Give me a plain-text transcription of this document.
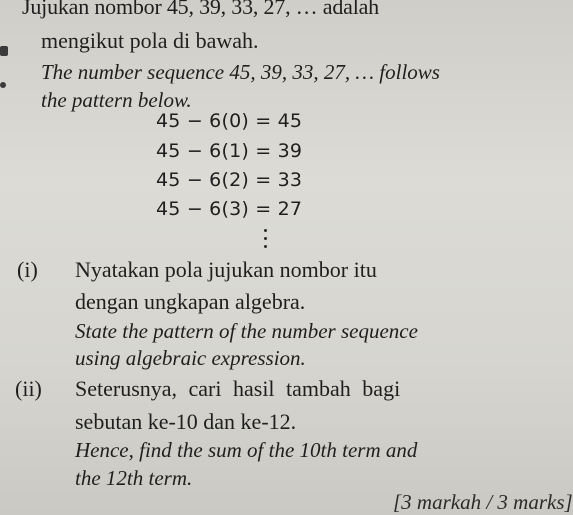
Jujukan nombor 45, 39, 33, 27, … adalah
mengikut pola di bawah.
The number sequence 45, 39, 33, 27, … follows
the pattern below.
45 − 6(0) = 45
45 − 6(1) = 39
45 − 6(2) = 33
45 − 6(3) = 27
(i) Nyatakan pola jujukan nombor itu
dengan ungkapan algebra.
State the pattern of the number sequence
using algebraic expression.
(ii) Seterusnya, cari hasil tambah bagi
sebutan ke-10 dan ke-12.
Hence, find the sum of the 10th term and
the 12th term.
[3 markah / 3 marks]
